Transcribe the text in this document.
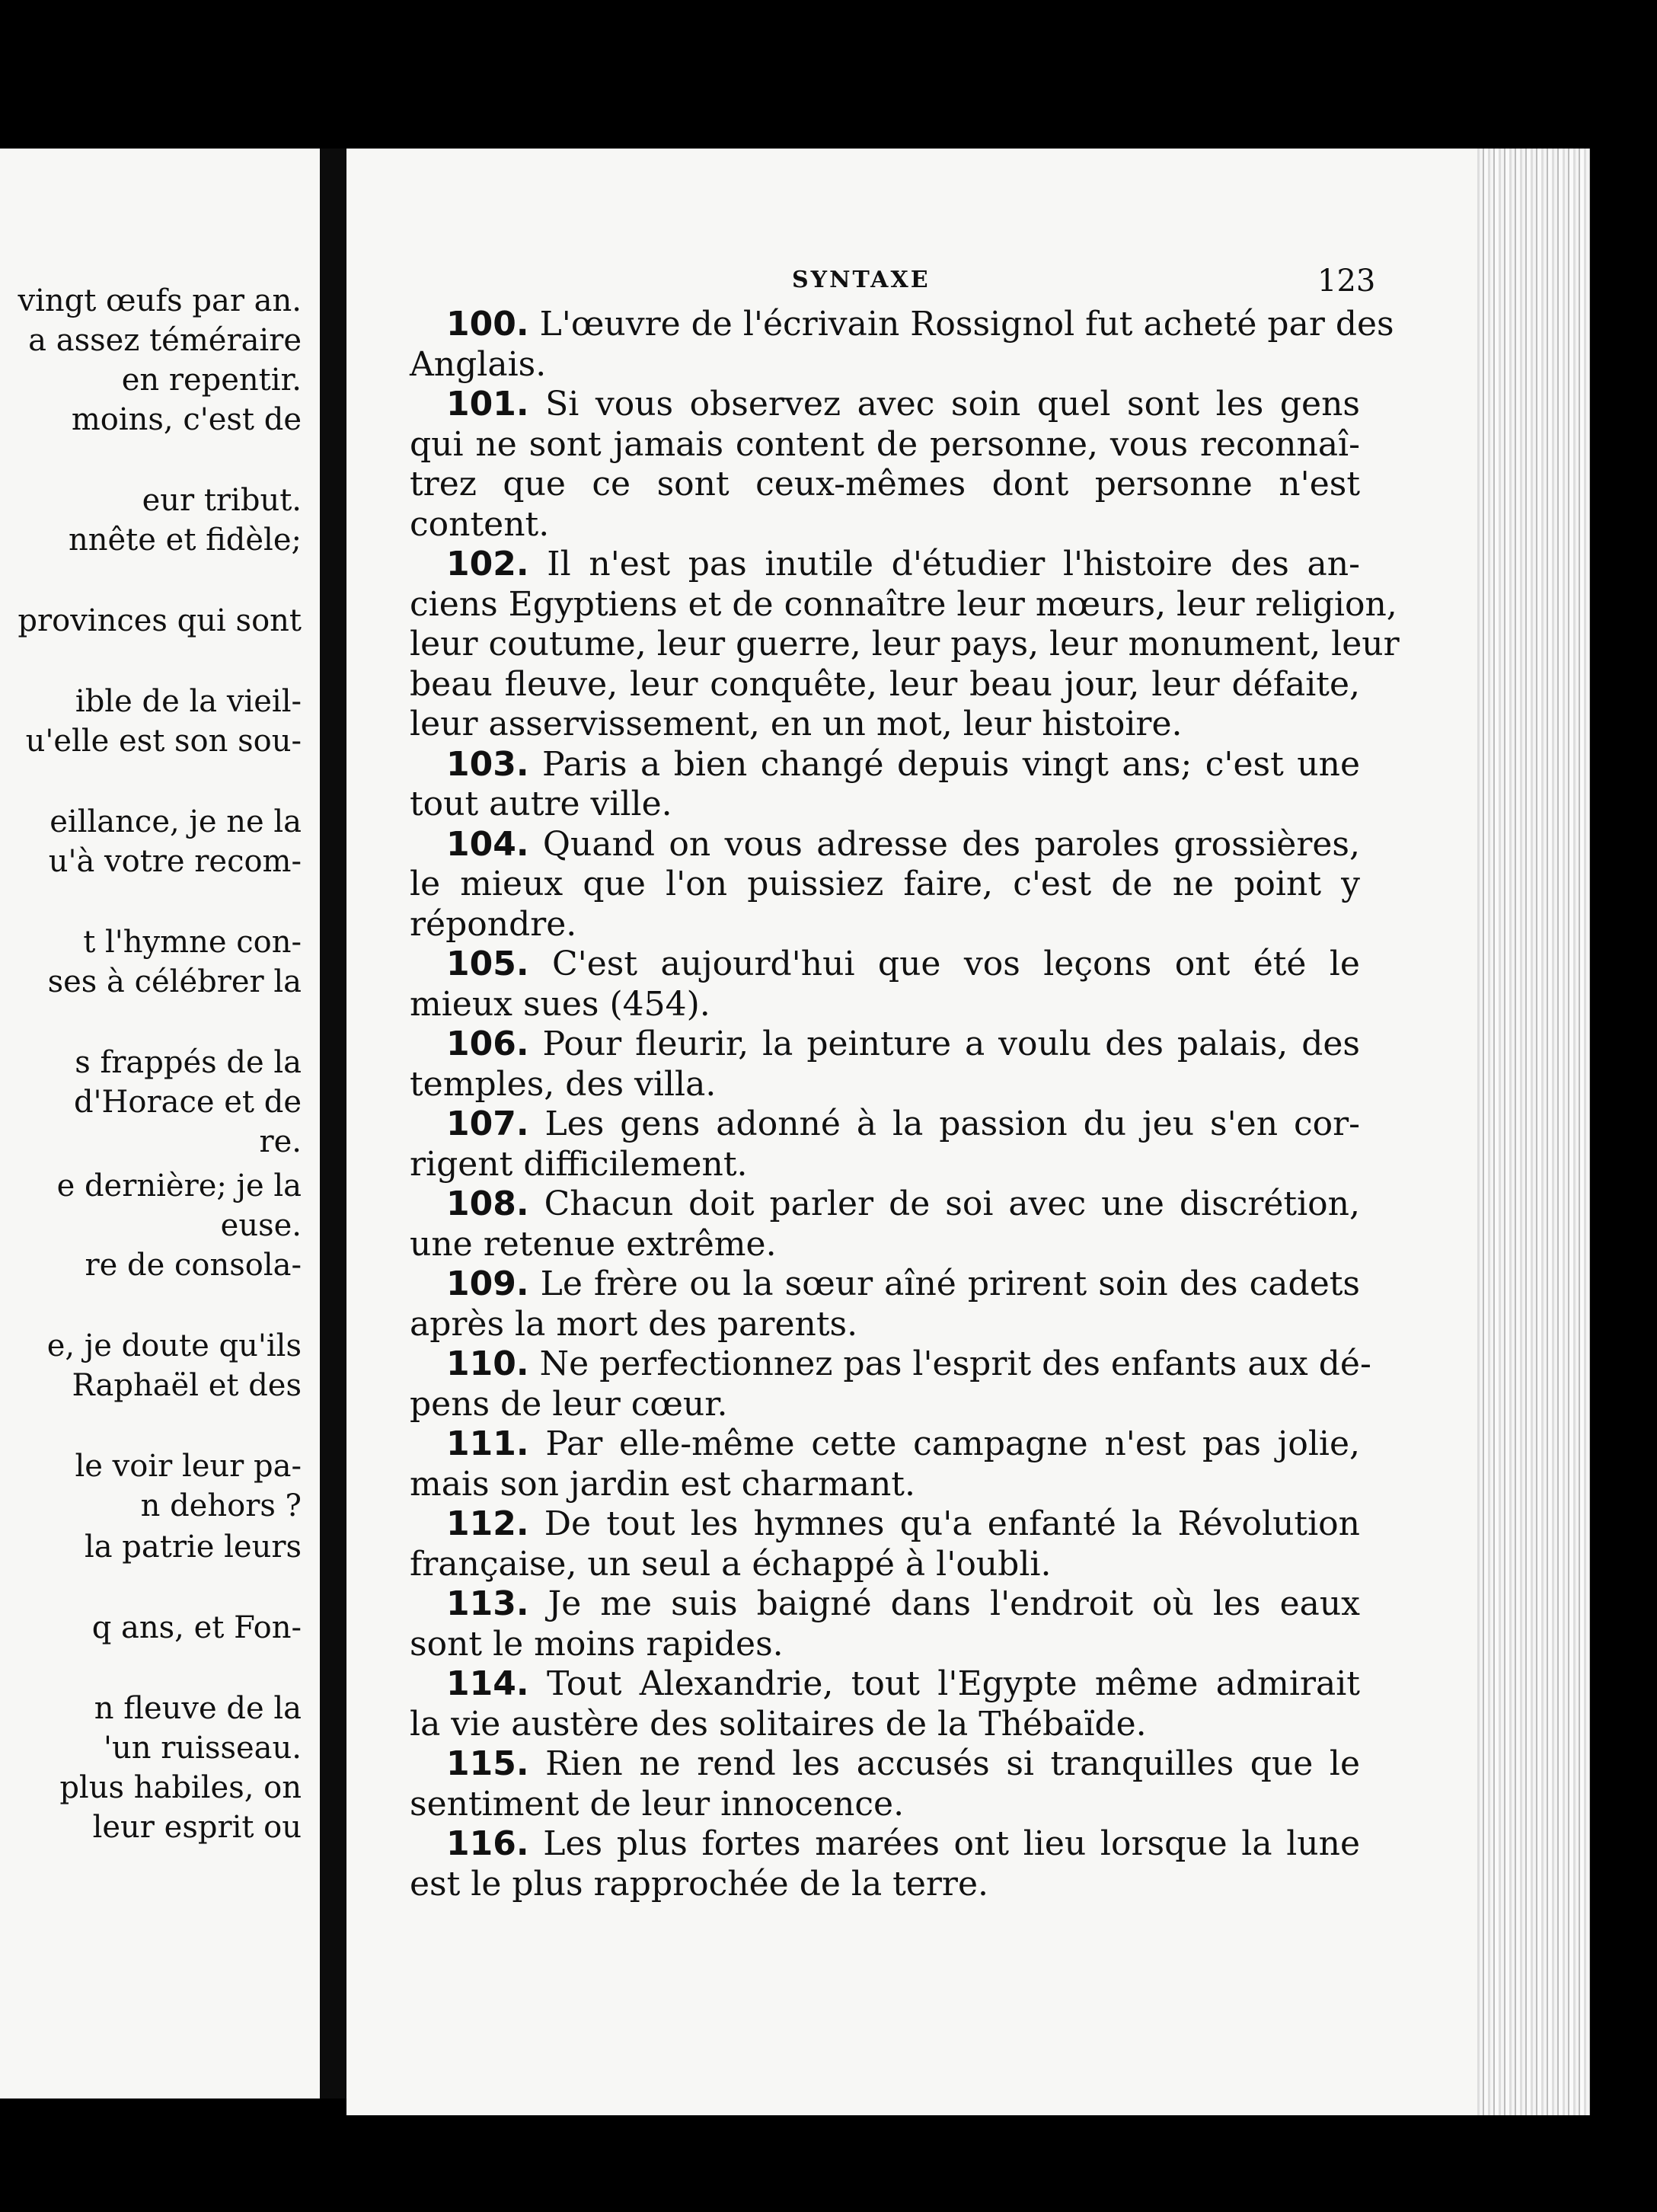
vingt œufs par an.
a assez téméraire
en repentir.
moins, c'est de
eur tribut.
nnête et fidèle;
provinces qui sont
ible de la vieil-
u'elle est son sou-
eillance, je ne la
u'à votre recom-
t l'hymne con-
ses à célébrer la
s frappés de la
d'Horace et de
re.
e dernière; je la
euse.
re de consola-
e, je doute qu'ils
Raphaël et des
le voir leur pa-
n dehors ?
la patrie leurs
q ans, et Fon-
n fleuve de la
'un ruisseau.
plus habiles, on
leur esprit ou
SYNTAXE	123
100. L'œuvre de l'écrivain Rossignol fut acheté par des
Anglais.
101. Si vous observez avec soin quel sont les gens
qui ne sont jamais content de personne, vous reconnaî-
trez que ce sont ceux-mêmes dont personne n'est
content.
102. Il n'est pas inutile d'étudier l'histoire des an-
ciens Egyptiens et de connaître leur mœurs, leur religion,
leur coutume, leur guerre, leur pays, leur monument, leur
beau fleuve, leur conquête, leur beau jour, leur défaite,
leur asservissement, en un mot, leur histoire.
103. Paris a bien changé depuis vingt ans; c'est une
tout autre ville.
104. Quand on vous adresse des paroles grossières,
le mieux que l'on puissiez faire, c'est de ne point y
répondre.
105. C'est aujourd'hui que vos leçons ont été le
mieux sues (454).
106. Pour fleurir, la peinture a voulu des palais, des
temples, des villa.
107. Les gens adonné à la passion du jeu s'en cor-
rigent difficilement.
108. Chacun doit parler de soi avec une discrétion,
une retenue extrême.
109. Le frère ou la sœur aîné prirent soin des cadets
après la mort des parents.
110. Ne perfectionnez pas l'esprit des enfants aux dé-
pens de leur cœur.
111. Par elle-même cette campagne n'est pas jolie,
mais son jardin est charmant.
112. De tout les hymnes qu'a enfanté la Révolution
française, un seul a échappé à l'oubli.
113. Je me suis baigné dans l'endroit où les eaux
sont le moins rapides.
114. Tout Alexandrie, tout l'Egypte même admirait
la vie austère des solitaires de la Thébaïde.
115. Rien ne rend les accusés si tranquilles que le
sentiment de leur innocence.
116. Les plus fortes marées ont lieu lorsque la lune
est le plus rapprochée de la terre.
